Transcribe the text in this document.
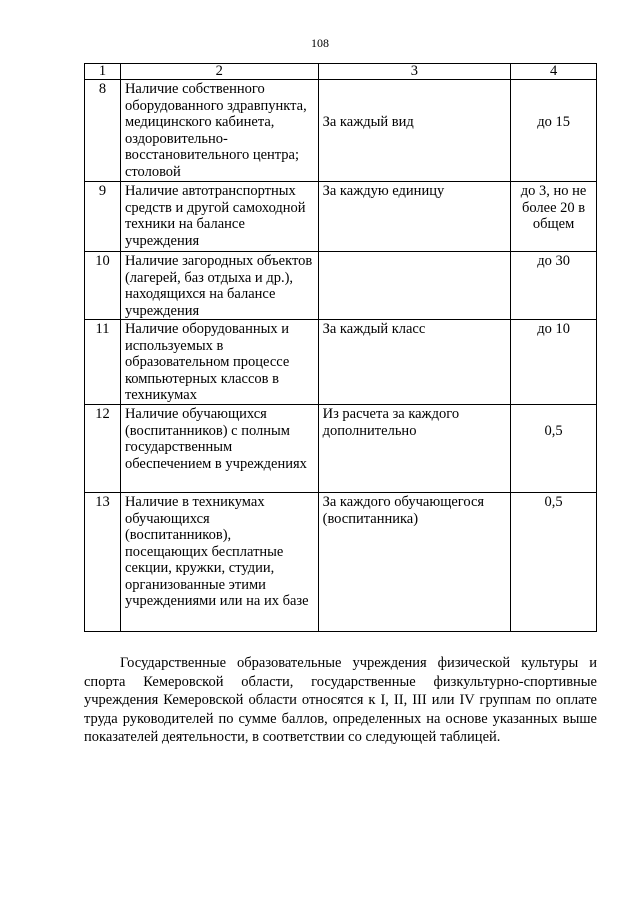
108
1	2	3	4
8	Наличие собственного оборудованного здравпункта, медицинского кабинета, оздоровительно-восстановительного центра; столовой	За каждый вид	до 15
9	Наличие автотранспортных средств и другой самоходной техники на балансе учреждения	За каждую единицу	до 3, но не более 20 в общем
10	Наличие загородных объектов (лагерей, баз отдыха и др.), находящихся на балансе учреждения		до 30
11	Наличие оборудованных и используемых в образовательном процессе компьютерных классов в техникумах	За каждый класс	до 10
12	Наличие обучающихся (воспитанников) с полным государственным обеспечением в учреждениях	Из расчета за каждого дополнительно	0,5
13	Наличие в техникумах обучающихся (воспитанников), посещающих бесплатные секции, кружки, студии, организованные этими учреждениями или на их базе	За каждого обучающегося (воспитанника)	0,5

Государственные образовательные учреждения физической культуры и спорта Кемеровской области, государственные физкультурно-спортивные учреждения Кемеровской области относятся к I, II, III или IV группам по оплате труда руководителей по сумме баллов, определенных на основе указанных выше показателей деятельности, в соответствии со следующей таблицей.
